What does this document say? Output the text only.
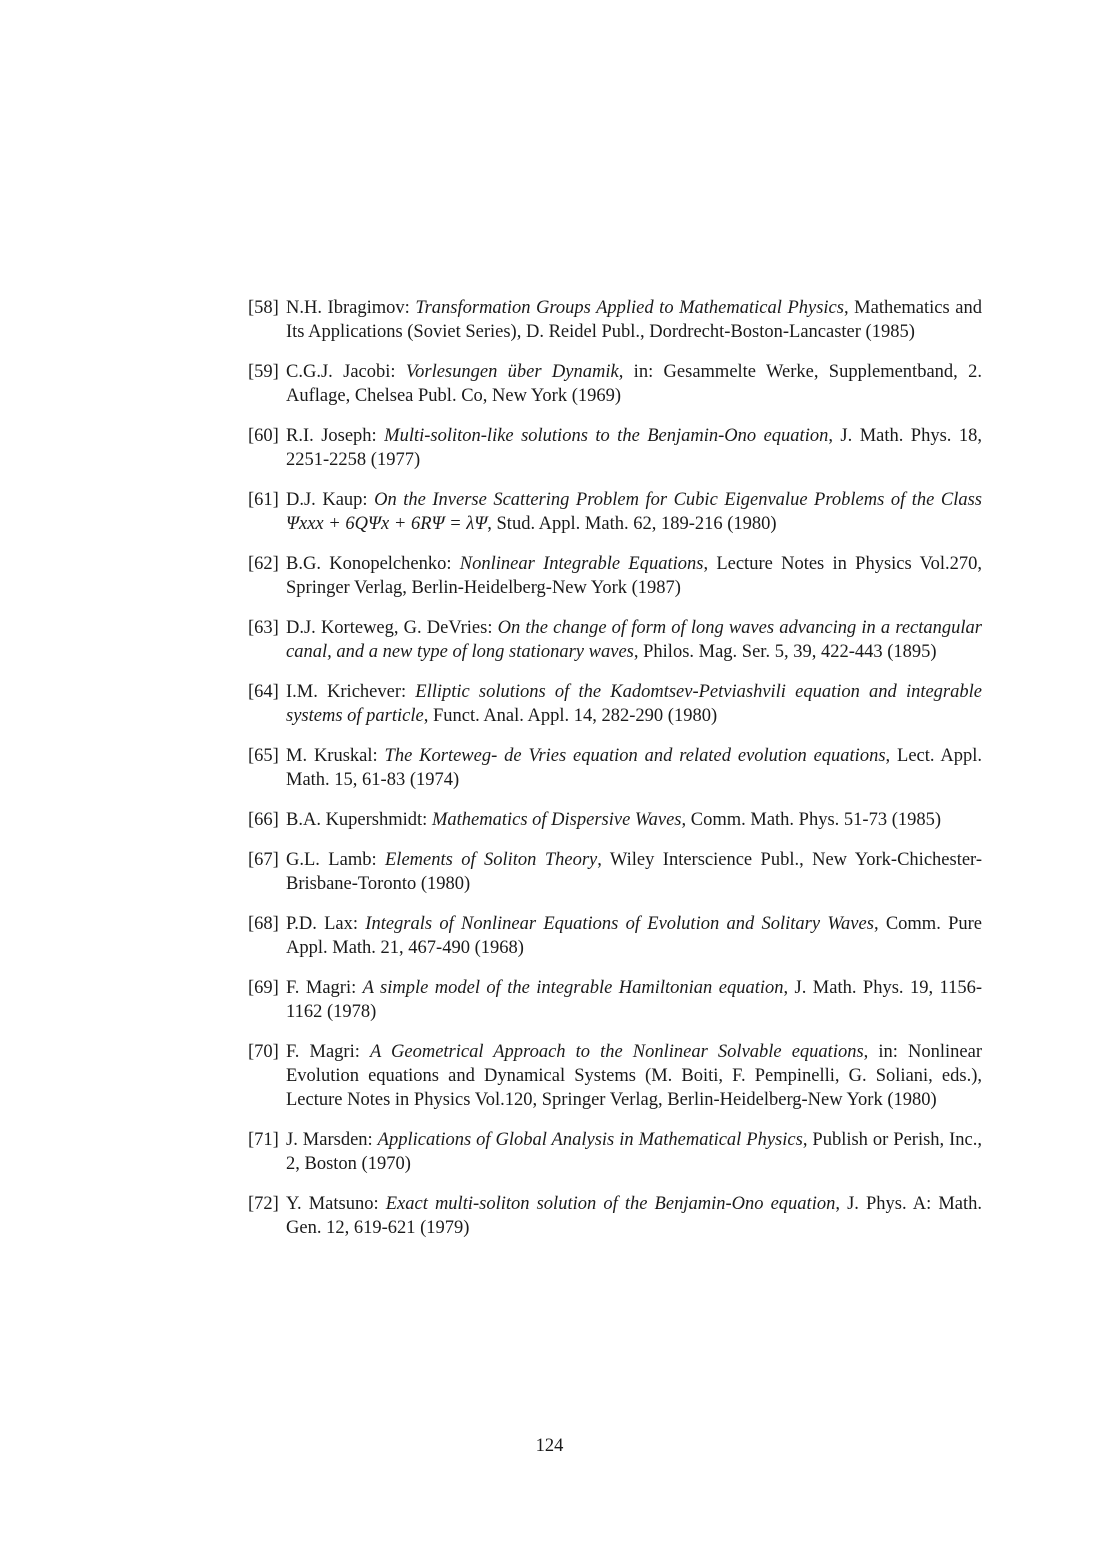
[58] N.H. Ibragimov: Transformation Groups Applied to Mathematical Physics, Mathematics and Its Applications (Soviet Series), D. Reidel Publ., Dordrecht-Boston-Lancaster (1985)
[59] C.G.J. Jacobi: Vorlesungen über Dynamik, in: Gesammelte Werke, Supplementband, 2. Auflage, Chelsea Publ. Co, New York (1969)
[60] R.I. Joseph: Multi-soliton-like solutions to the Benjamin-Ono equation, J. Math. Phys. 18, 2251-2258 (1977)
[61] D.J. Kaup: On the Inverse Scattering Problem for Cubic Eigenvalue Problems of the Class Ψxxx + 6QΨx + 6RΨ = λΨ, Stud. Appl. Math. 62, 189-216 (1980)
[62] B.G. Konopelchenko: Nonlinear Integrable Equations, Lecture Notes in Physics Vol.270, Springer Verlag, Berlin-Heidelberg-New York (1987)
[63] D.J. Korteweg, G. DeVries: On the change of form of long waves advancing in a rectangular canal, and a new type of long stationary waves, Philos. Mag. Ser. 5, 39, 422-443 (1895)
[64] I.M. Krichever: Elliptic solutions of the Kadomtsev-Petviashvili equation and integrable systems of particle, Funct. Anal. Appl. 14, 282-290 (1980)
[65] M. Kruskal: The Korteweg- de Vries equation and related evolution equations, Lect. Appl. Math. 15, 61-83 (1974)
[66] B.A. Kupershmidt: Mathematics of Dispersive Waves, Comm. Math. Phys. 51-73 (1985)
[67] G.L. Lamb: Elements of Soliton Theory, Wiley Interscience Publ., New York-Chichester-Brisbane-Toronto (1980)
[68] P.D. Lax: Integrals of Nonlinear Equations of Evolution and Solitary Waves, Comm. Pure Appl. Math. 21, 467-490 (1968)
[69] F. Magri: A simple model of the integrable Hamiltonian equation, J. Math. Phys. 19, 1156-1162 (1978)
[70] F. Magri: A Geometrical Approach to the Nonlinear Solvable equations, in: Nonlinear Evolution equations and Dynamical Systems (M. Boiti, F. Pempinelli, G. Soliani, eds.), Lecture Notes in Physics Vol.120, Springer Verlag, Berlin-Heidelberg-New York (1980)
[71] J. Marsden: Applications of Global Analysis in Mathematical Physics, Publish or Perish, Inc., 2, Boston (1970)
[72] Y. Matsuno: Exact multi-soliton solution of the Benjamin-Ono equation, J. Phys. A: Math. Gen. 12, 619-621 (1979)
124
